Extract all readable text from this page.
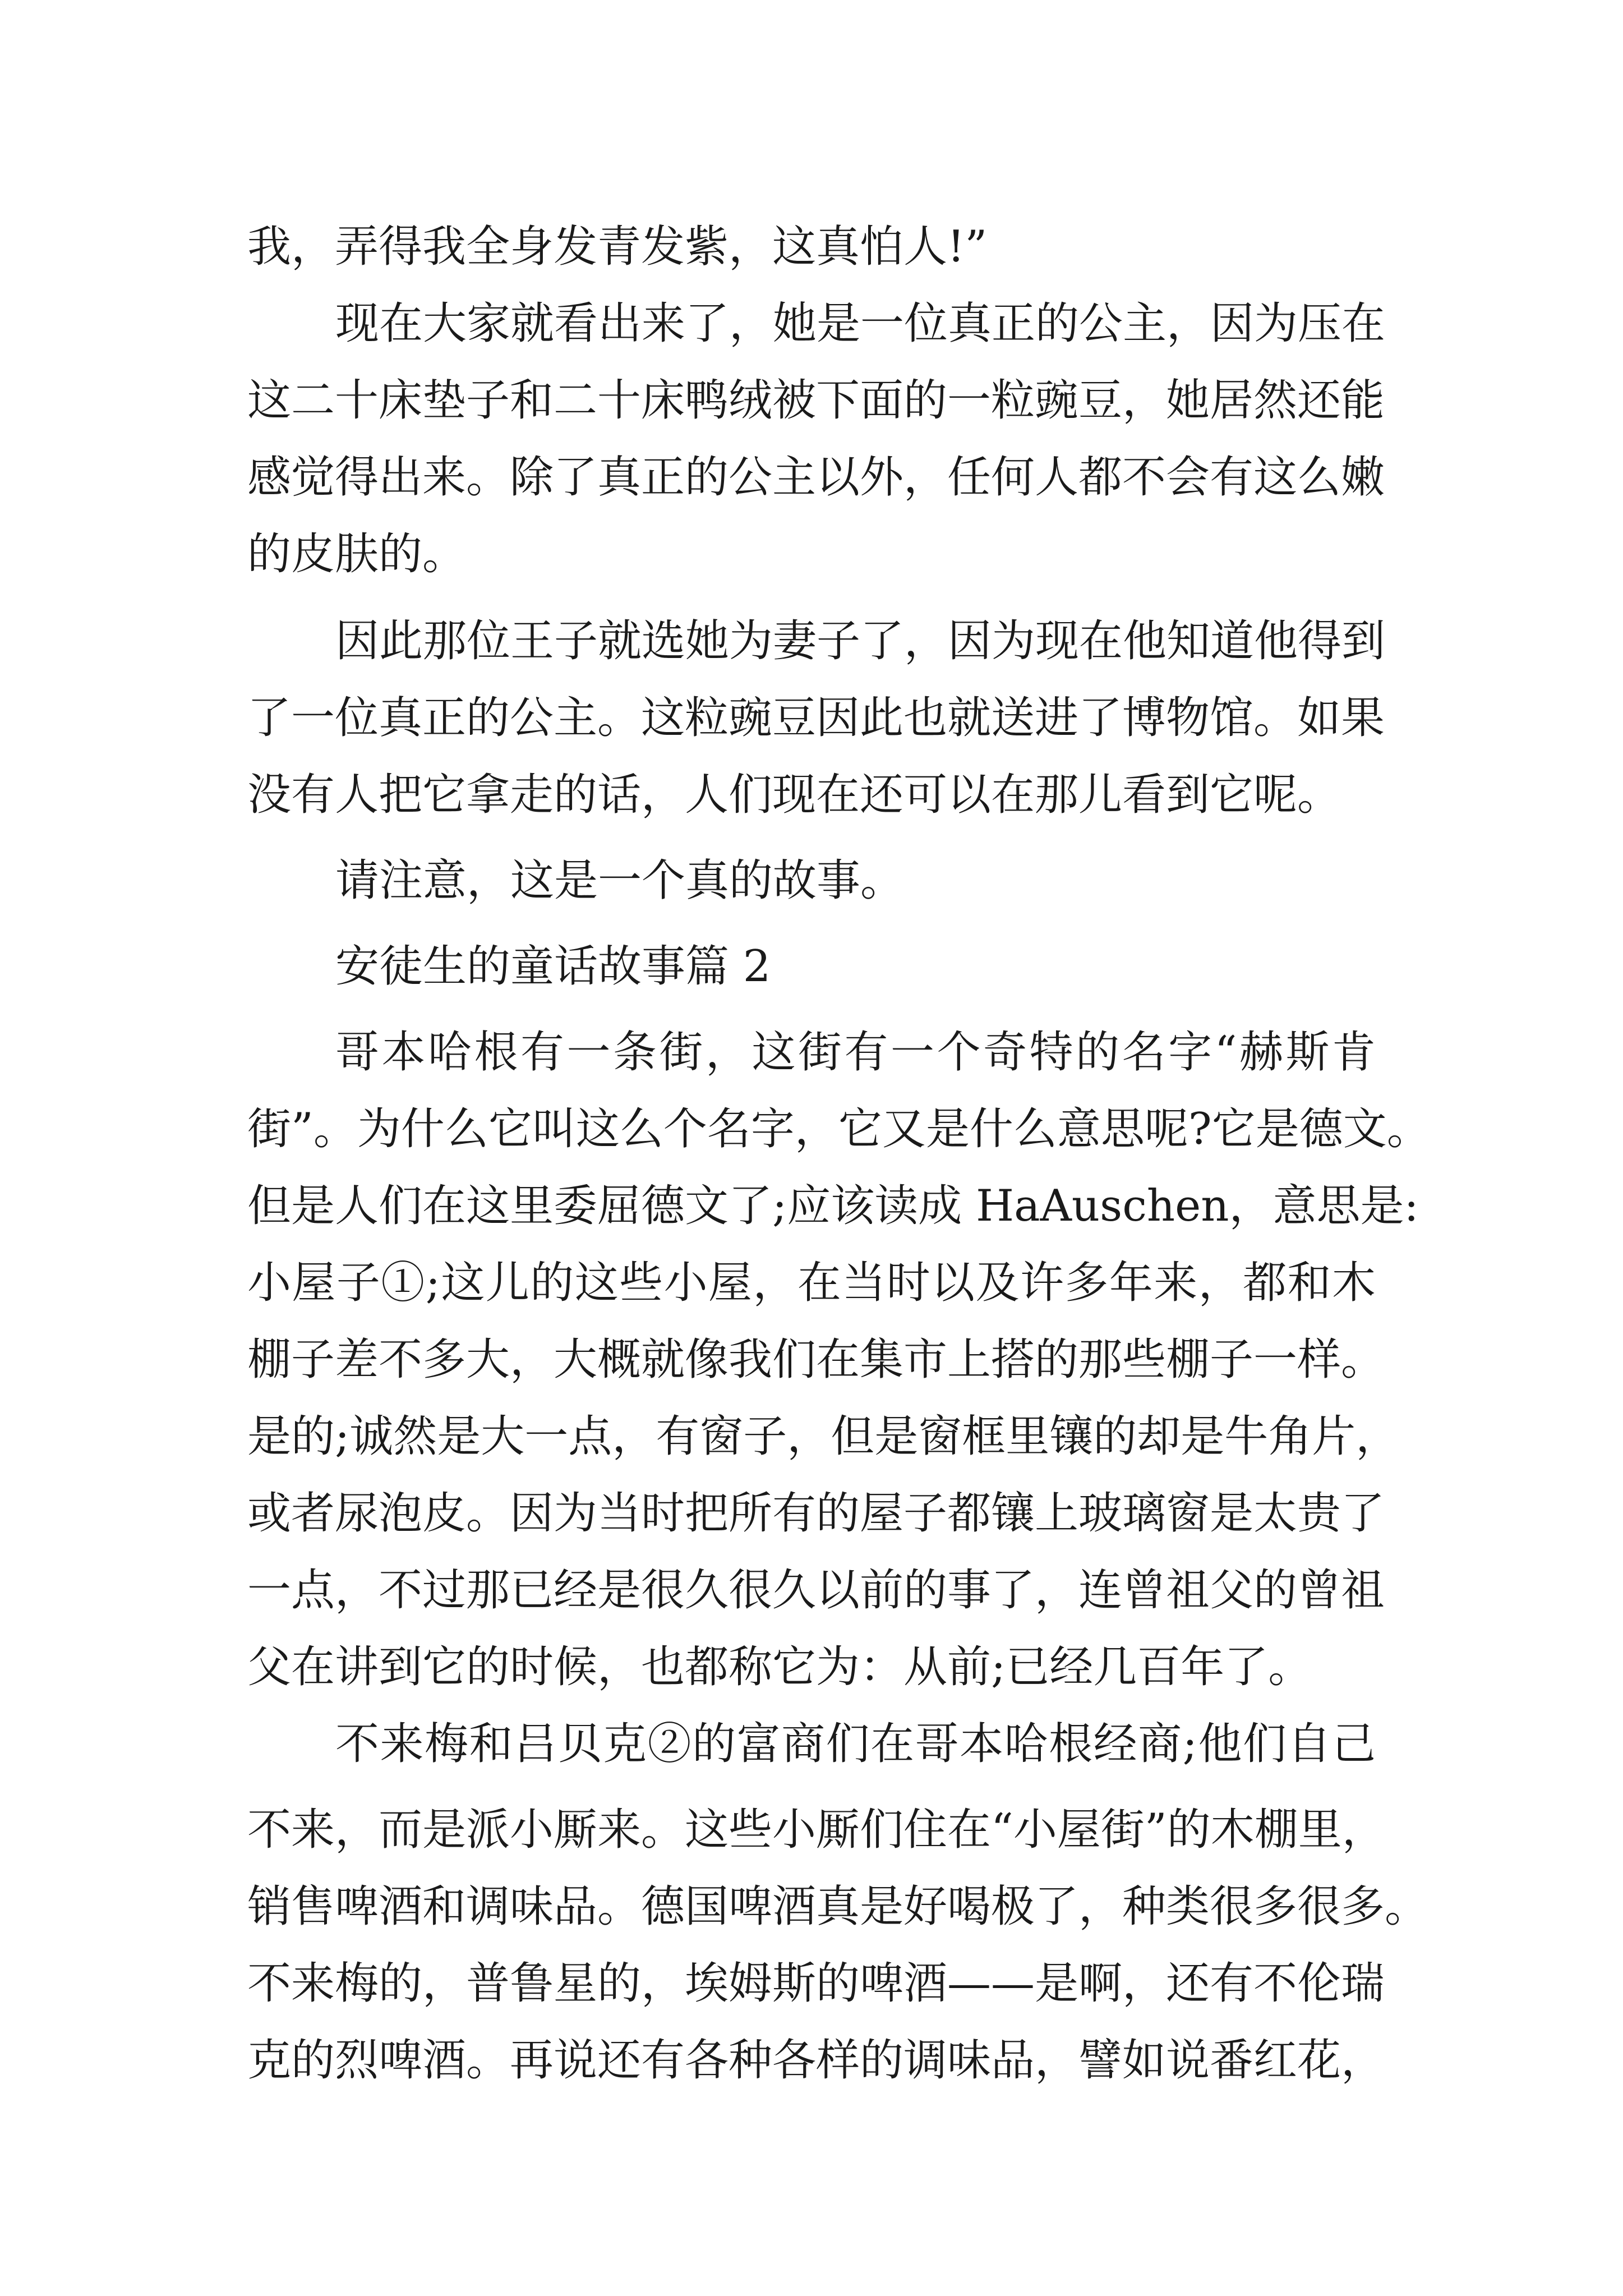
我，弄得我全身发青发紫，这真怕人!”
现在大家就看出来了，她是一位真正的公主，因为压在
这二十床垫子和二十床鸭绒被下面的一粒豌豆，她居然还能
感觉得出来。除了真正的公主以外，任何人都不会有这么嫩
的皮肤的。
因此那位王子就选她为妻子了，因为现在他知道他得到
了一位真正的公主。这粒豌豆因此也就送进了博物馆。如果
没有人把它拿走的话，人们现在还可以在那儿看到它呢。
请注意，这是一个真的故事。
安徒生的童话故事篇 2
哥本哈根有一条街，这街有一个奇特的名字“赫斯肯
街”。为什么它叫这么个名字，它又是什么意思呢?它是德文。
但是人们在这里委屈德文了;应该读成 HaAuschen，意思是:
小屋子①;这儿的这些小屋，在当时以及许多年来，都和木
棚子差不多大，大概就像我们在集市上搭的那些棚子一样。
是的;诚然是大一点，有窗子，但是窗框里镶的却是牛角片，
或者尿泡皮。因为当时把所有的屋子都镶上玻璃窗是太贵了
一点，不过那已经是很久很久以前的事了，连曾祖父的曾祖
父在讲到它的时候，也都称它为：从前;已经几百年了。
不来梅和吕贝克②的富商们在哥本哈根经商;他们自己
不来，而是派小厮来。这些小厮们住在“小屋街”的木棚里，
销售啤酒和调味品。德国啤酒真是好喝极了，种类很多很多。
不来梅的，普鲁星的，埃姆斯的啤酒——是啊，还有不伦瑞
克的烈啤酒。再说还有各种各样的调味品，譬如说番红花，
